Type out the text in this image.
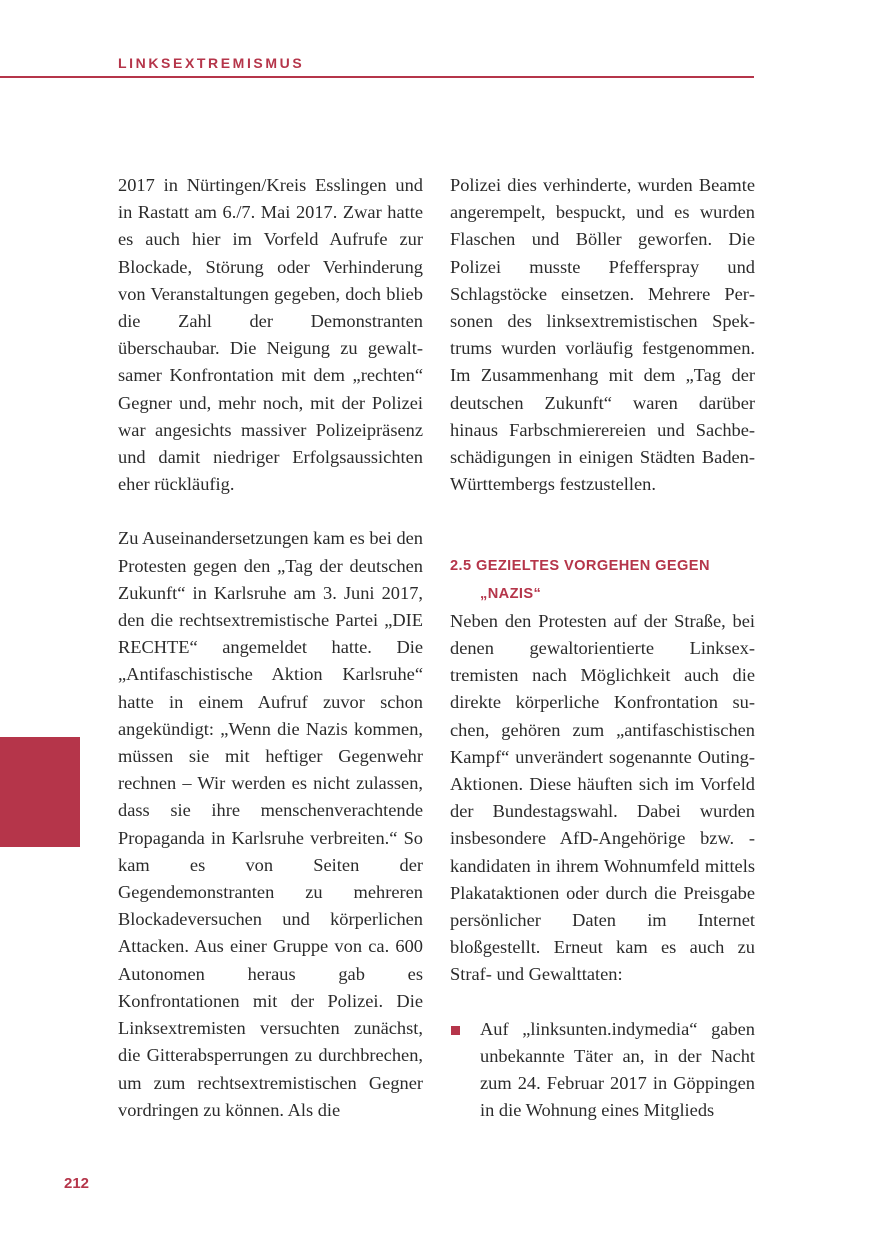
LINKSEXTREMISMUS

2017 in Nürtingen/Kreis Esslingen und in Rastatt am 6./7. Mai 2017. Zwar hatte es auch hier im Vorfeld Aufrufe zur Blockade, Störung oder Verhinderung von Veranstaltungen gegeben, doch blieb die Zahl der Demonstranten überschaubar. Die Neigung zu gewaltsamer Konfrontation mit dem „rechten“ Gegner und, mehr noch, mit der Polizei war angesichts massiver Polizeipräsenz und damit niedriger Erfolgsaussichten eher rückläufig.

Zu Auseinandersetzungen kam es bei den Protesten gegen den „Tag der deutschen Zukunft“ in Karlsruhe am 3. Juni 2017, den die rechtsextremistische Partei „DIE RECHTE“ angemeldet hatte. Die „Antifaschistische Aktion Karlsruhe“ hatte in einem Aufruf zuvor schon angekündigt: „Wenn die Nazis kommen, müssen sie mit heftiger Gegenwehr rechnen – Wir werden es nicht zulassen, dass sie ihre menschenverachtende Propaganda in Karlsruhe verbreiten.“ So kam es von Seiten der Gegendemonstranten zu mehreren Blockadeversuchen und körperlichen Attacken. Aus einer Gruppe von ca. 600 Autonomen heraus gab es Konfrontationen mit der Polizei. Die Linksextremisten versuchten zunächst, die Gitterabsperrungen zu durchbrechen, um zum rechtsextremistischen Gegner vordringen zu können. Als die

Polizei dies verhinderte, wurden Beamte angerempelt, bespuckt, und es wurden Flaschen und Böller geworfen. Die Polizei musste Pfefferspray und Schlagstöcke einsetzen. Mehrere Personen des linksextremistischen Spektrums wurden vorläufig festgenommen. Im Zusammenhang mit dem „Tag der deutschen Zukunft“ waren darüber hinaus Farbschmierereien und Sachbeschädigungen in einigen Städten Baden-Württembergs festzustellen.

2.5 GEZIELTES VORGEHEN GEGEN
„NAZIS“

Neben den Protesten auf der Straße, bei denen gewaltorientierte Linksextremisten nach Möglichkeit auch die direkte körperliche Konfrontation suchen, gehören zum „antifaschistischen Kampf“ unverändert sogenannte Outing-Aktionen. Diese häuften sich im Vorfeld der Bundestagswahl. Dabei wurden insbesondere AfD-Angehörige bzw. -kandidaten in ihrem Wohnumfeld mittels Plakataktionen oder durch die Preisgabe persönlicher Daten im Internet bloßgestellt. Erneut kam es auch zu Straf- und Gewalttaten:

Auf „linksunten.indymedia“ gaben unbekannte Täter an, in der Nacht zum 24. Februar 2017 in Göppingen in die Wohnung eines Mitglieds
212
